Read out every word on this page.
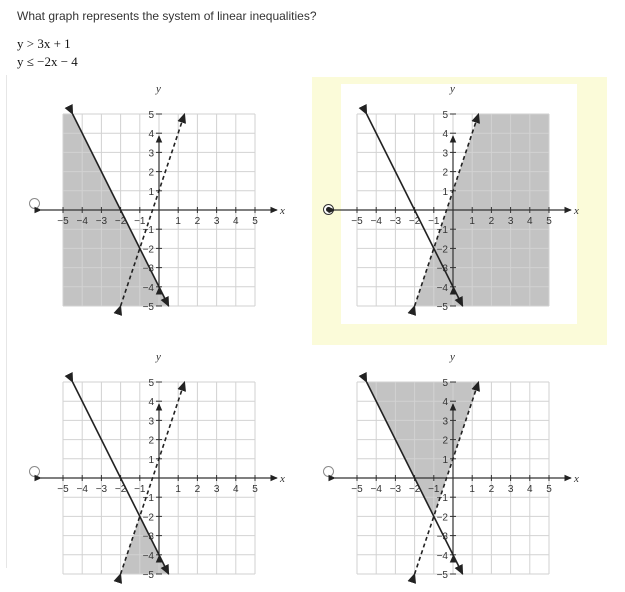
What graph represents the system of linear inequalities?
y > 3x + 1
y ≤ −2x − 4
x
y
−5
−5
−4
−4
−3
−3
−2
−2
−1
−1
1
1
2
2
3
3
4
4
5
5
x
y
−5
−5
−4
−4
−3
−3
−2
−2
−1
−1
1
1
2
2
3
3
4
4
5
5
x
y
−5
−5
−4
−4
−3
−3
−2
−2
−1
−1
1
1
2
2
3
3
4
4
5
5
x
y
−5
−5
−4
−4
−3
−3
−2
−2
−1
−1
1
1
2
2
3
3
4
4
5
5
